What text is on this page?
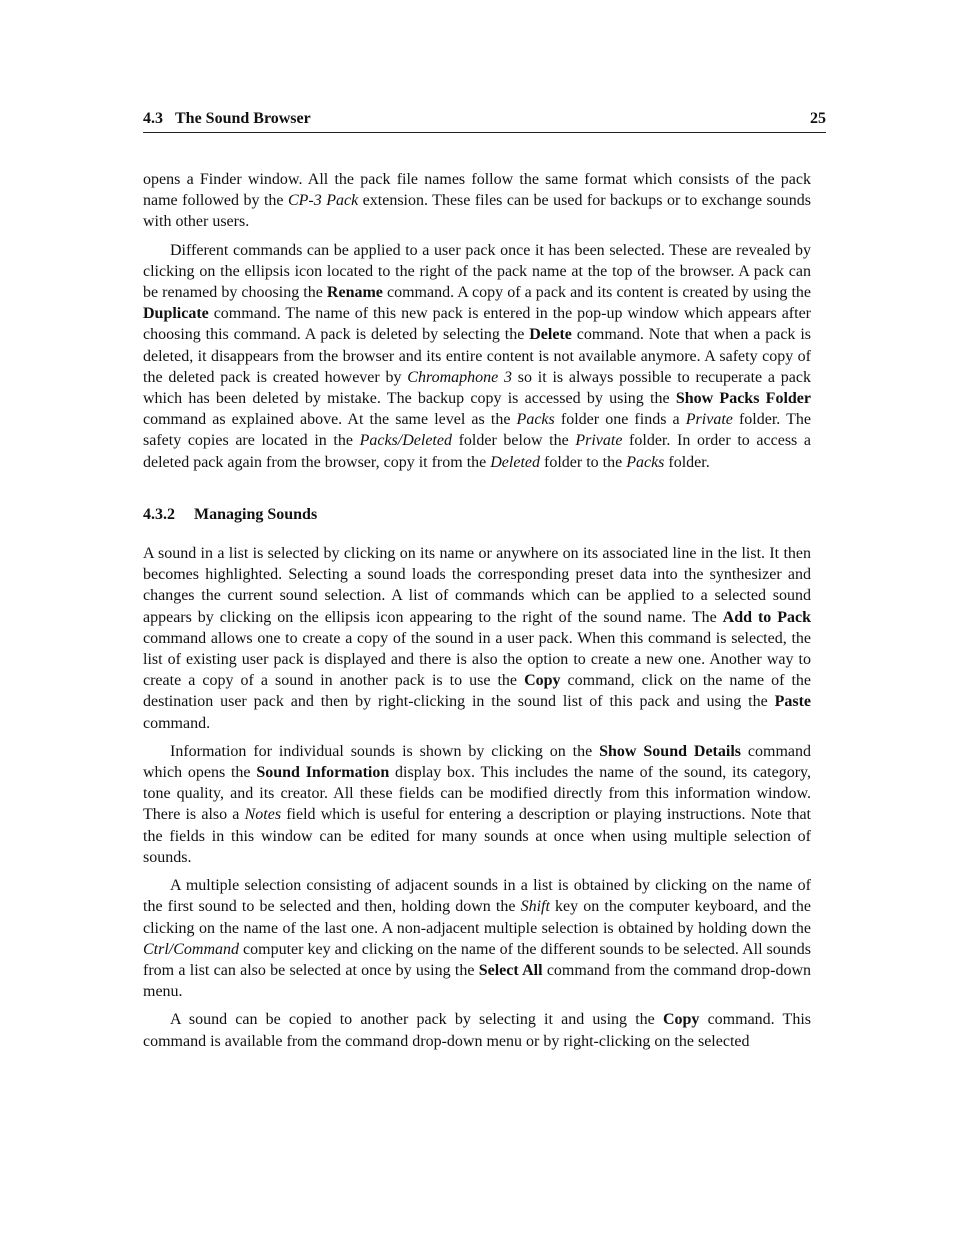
4.3 The Sound Browser	25

opens a Finder window. All the pack file names follow the same format which consists of the pack name followed by the CP-3 Pack extension. These files can be used for backups or to exchange sounds with other users.

Different commands can be applied to a user pack once it has been selected. These are revealed by clicking on the ellipsis icon located to the right of the pack name at the top of the browser. A pack can be renamed by choosing the Rename command. A copy of a pack and its content is created by using the Duplicate command. The name of this new pack is entered in the pop-up window which appears after choosing this command. A pack is deleted by selecting the Delete command. Note that when a pack is deleted, it disappears from the browser and its entire content is not available anymore. A safety copy of the deleted pack is created however by Chromaphone 3 so it is always possible to recuperate a pack which has been deleted by mistake. The backup copy is accessed by using the Show Packs Folder command as explained above. At the same level as the Packs folder one finds a Private folder. The safety copies are located in the Packs/Deleted folder below the Private folder. In order to access a deleted pack again from the browser, copy it from the Deleted folder to the Packs folder.

4.3.2 Managing Sounds

A sound in a list is selected by clicking on its name or anywhere on its associated line in the list. It then becomes highlighted. Selecting a sound loads the corresponding preset data into the synthesizer and changes the current sound selection. A list of commands which can be applied to a selected sound appears by clicking on the ellipsis icon appearing to the right of the sound name. The Add to Pack command allows one to create a copy of the sound in a user pack. When this command is selected, the list of existing user pack is displayed and there is also the option to create a new one. Another way to create a copy of a sound in another pack is to use the Copy command, click on the name of the destination user pack and then by right-clicking in the sound list of this pack and using the Paste command.

Information for individual sounds is shown by clicking on the Show Sound Details command which opens the Sound Information display box. This includes the name of the sound, its category, tone quality, and its creator. All these fields can be modified directly from this information window. There is also a Notes field which is useful for entering a description or playing instructions. Note that the fields in this window can be edited for many sounds at once when using multiple selection of sounds.

A multiple selection consisting of adjacent sounds in a list is obtained by clicking on the name of the first sound to be selected and then, holding down the Shift key on the computer keyboard, and the clicking on the name of the last one. A non-adjacent multiple selection is obtained by holding down the Ctrl/Command computer key and clicking on the name of the different sounds to be selected. All sounds from a list can also be selected at once by using the Select All command from the command drop-down menu.

A sound can be copied to another pack by selecting it and using the Copy command. This command is available from the command drop-down menu or by right-clicking on the selected
